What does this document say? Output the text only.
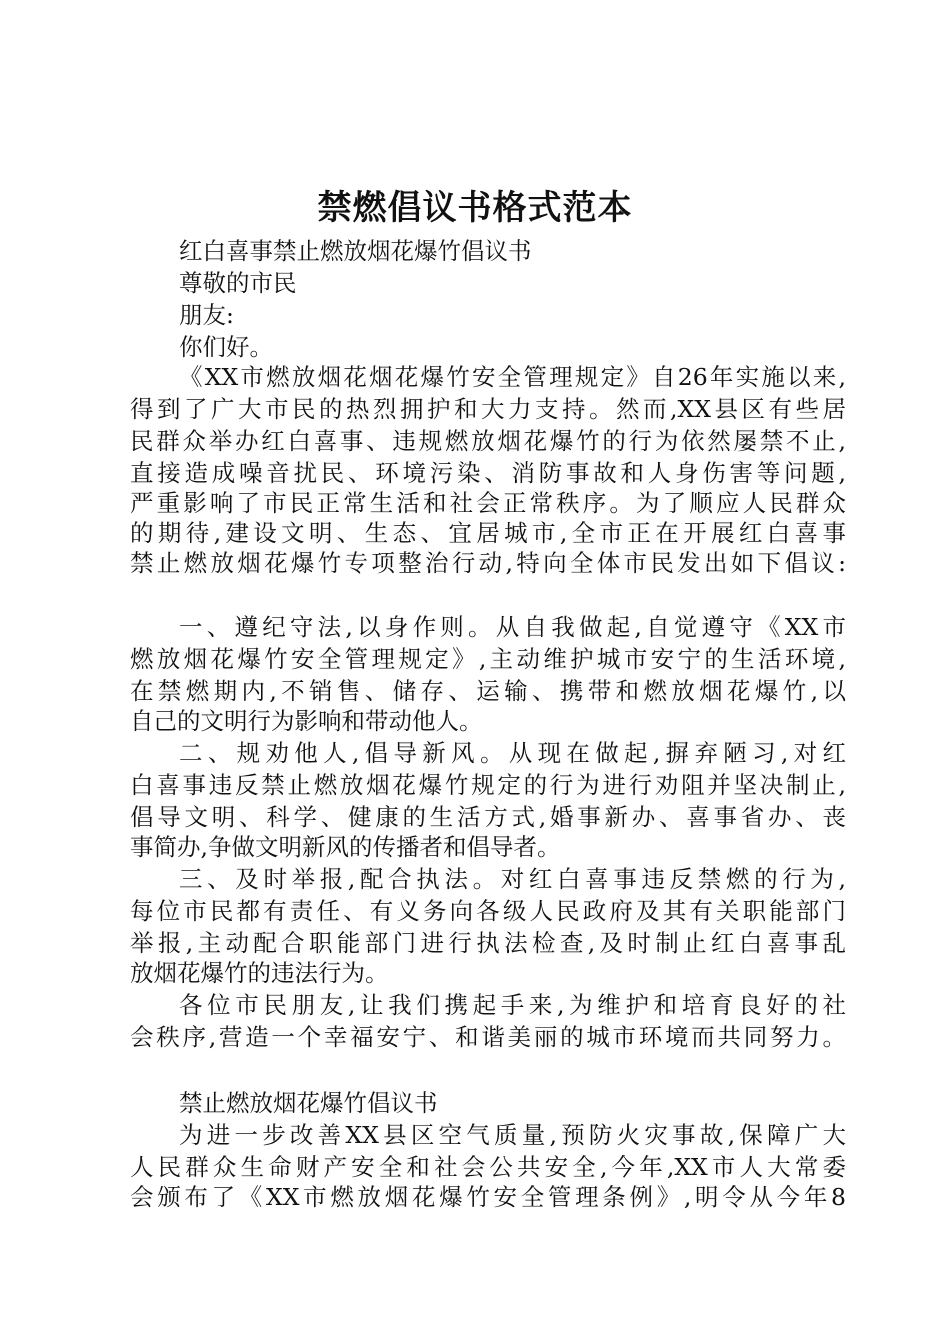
禁燃倡议书格式范本
红白喜事禁止燃放烟花爆竹倡议书
尊敬的市民
朋友:
你们好。
《XX市燃放烟花烟花爆竹安全管理规定》自26年实施以来,
得到了广大市民的热烈拥护和大力支持。然而,XX县区有些居
民群众举办红白喜事、违规燃放烟花爆竹的行为依然屡禁不止,
直接造成噪音扰民、环境污染、消防事故和人身伤害等问题,
严重影响了市民正常生活和社会正常秩序。为了顺应人民群众
的期待,建设文明、生态、宜居城市,全市正在开展红白喜事
禁止燃放烟花爆竹专项整治行动,特向全体市民发出如下倡议:
一、遵纪守法,以身作则。从自我做起,自觉遵守《XX市
燃放烟花爆竹安全管理规定》,主动维护城市安宁的生活环境,
在禁燃期内,不销售、储存、运输、携带和燃放烟花爆竹,以
自己的文明行为影响和带动他人。
二、规劝他人,倡导新风。从现在做起,摒弃陋习,对红
白喜事违反禁止燃放烟花爆竹规定的行为进行劝阻并坚决制止,
倡导文明、科学、健康的生活方式,婚事新办、喜事省办、丧
事简办,争做文明新风的传播者和倡导者。
三、及时举报,配合执法。对红白喜事违反禁燃的行为,
每位市民都有责任、有义务向各级人民政府及其有关职能部门
举报,主动配合职能部门进行执法检查,及时制止红白喜事乱
放烟花爆竹的违法行为。
各位市民朋友,让我们携起手来,为维护和培育良好的社
会秩序,营造一个幸福安宁、和谐美丽的城市环境而共同努力。
禁止燃放烟花爆竹倡议书
为进一步改善XX县区空气质量,预防火灾事故,保障广大
人民群众生命财产安全和社会公共安全,今年,XX市人大常委
会颁布了《XX市燃放烟花爆竹安全管理条例》,明令从今年8
